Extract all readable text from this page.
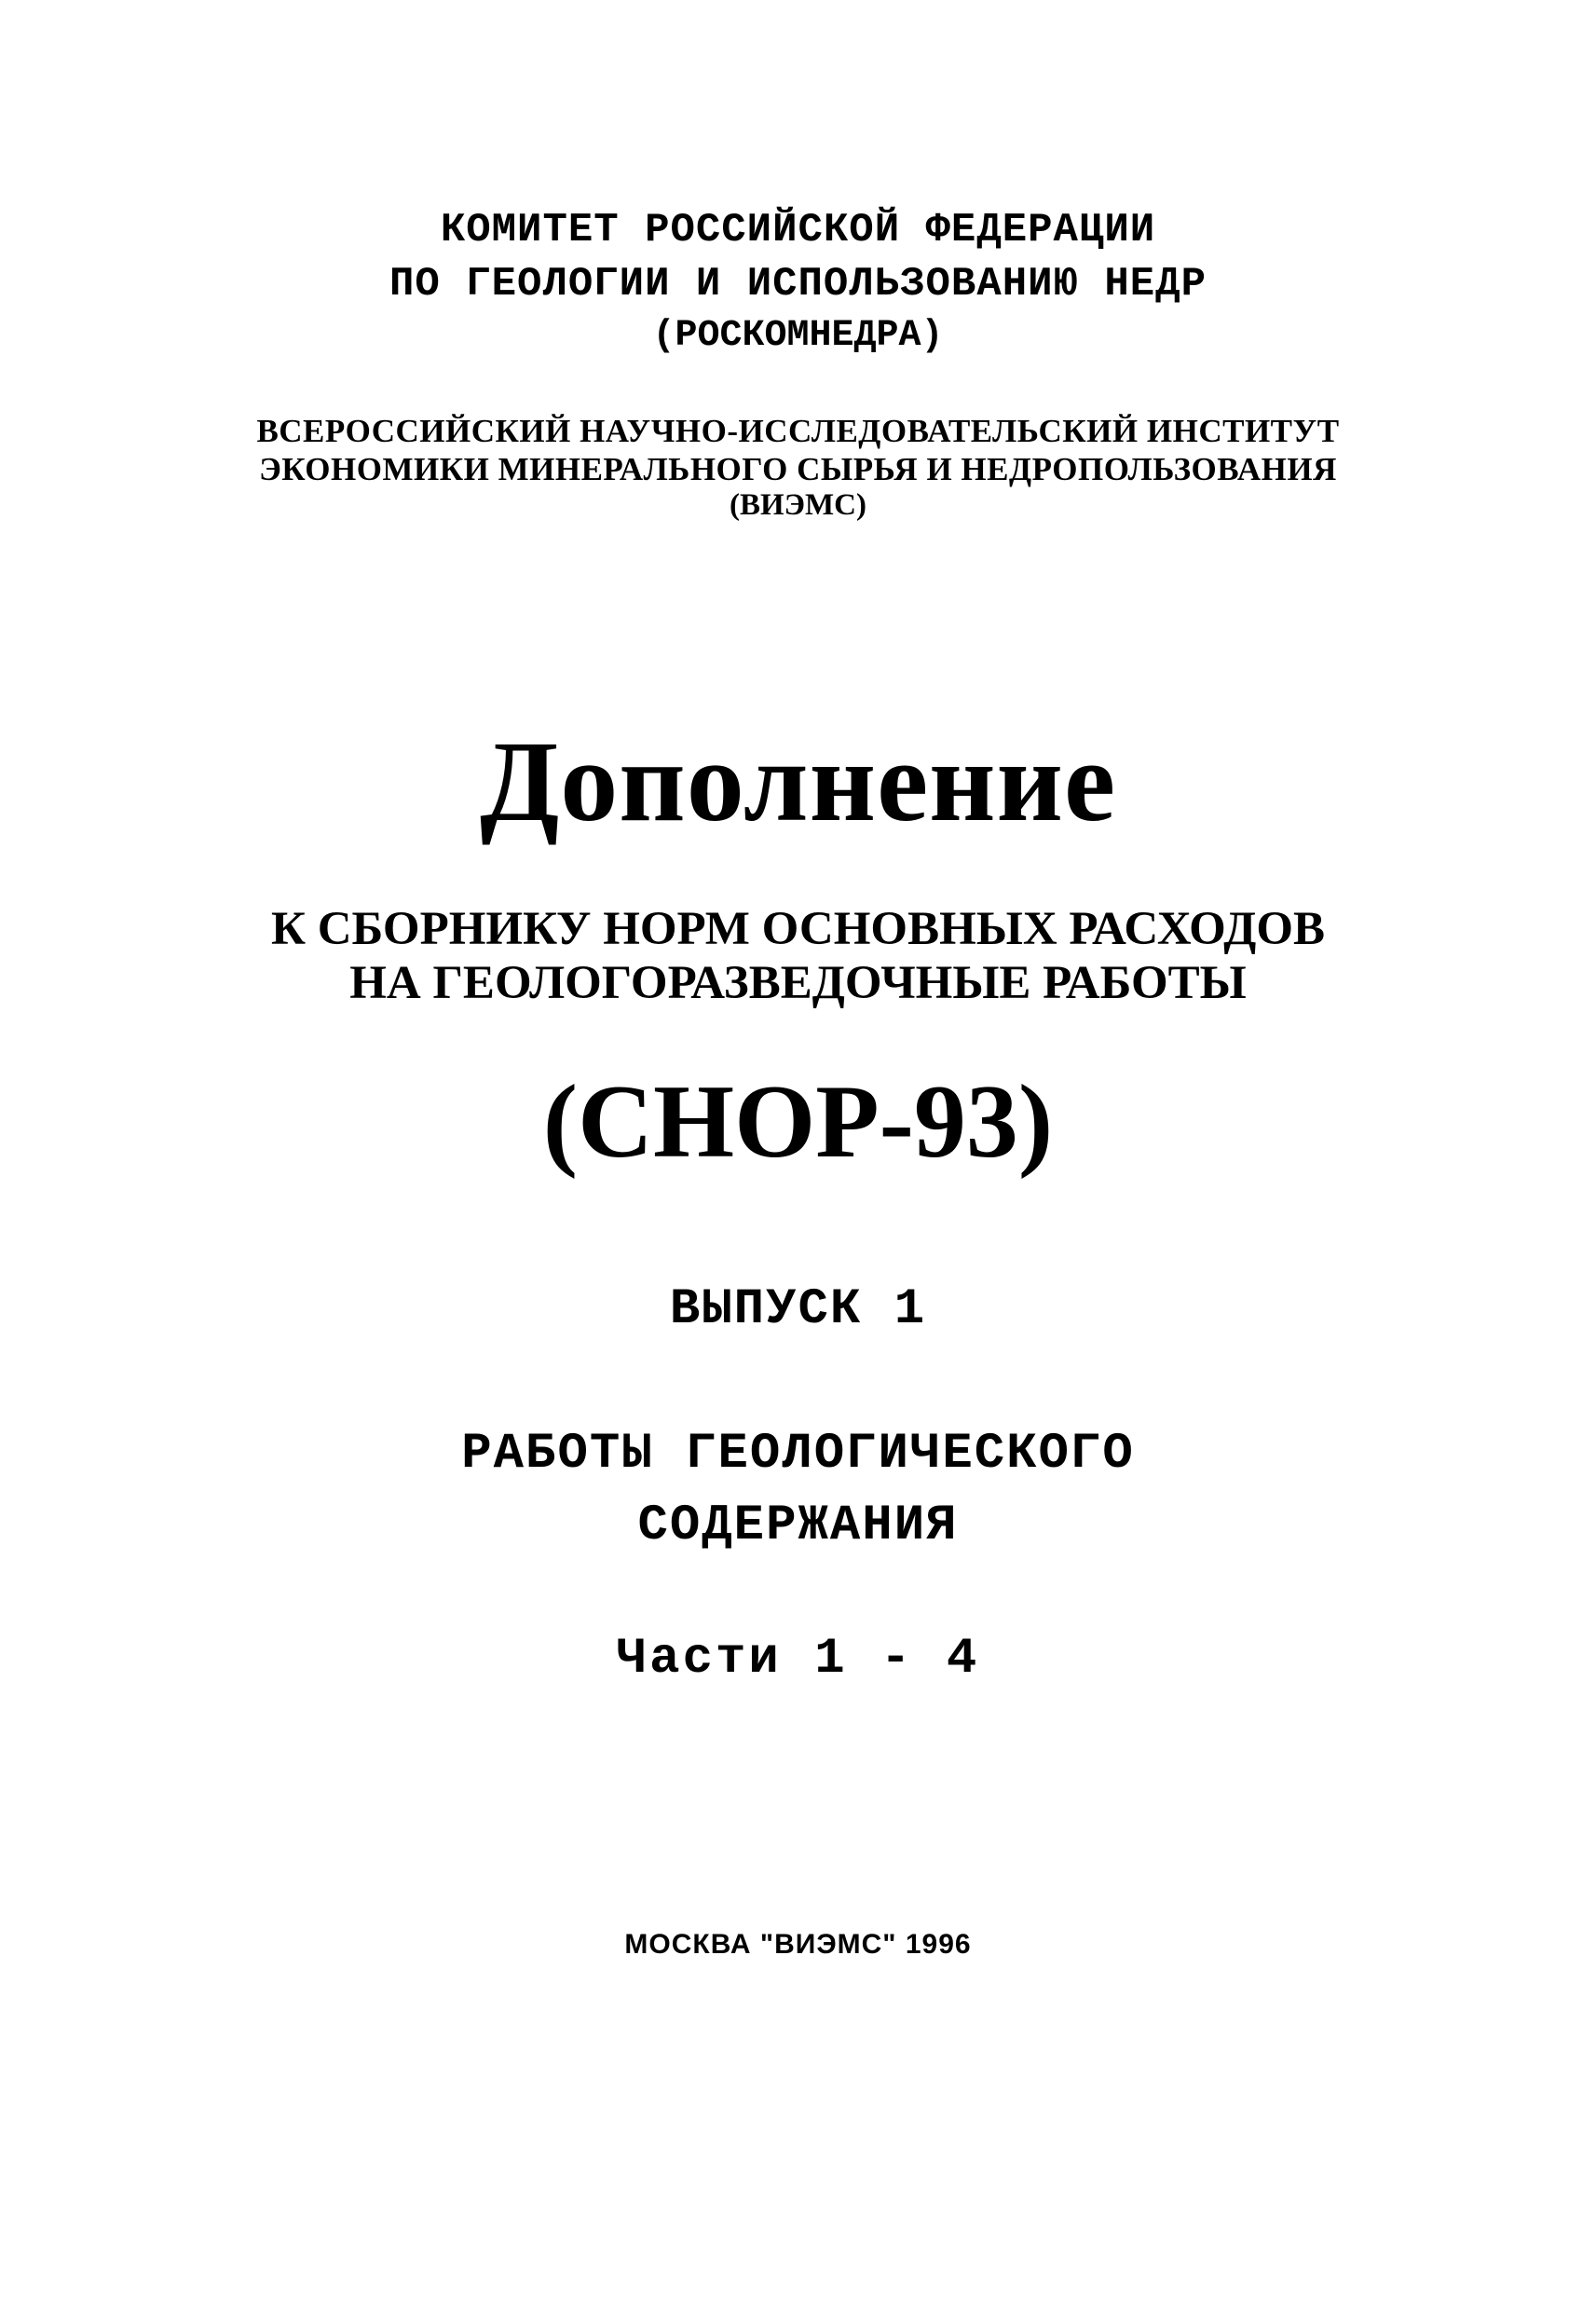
КОМИТЕТ РОССИЙСКОЙ ФЕДЕРАЦИИ

ПО ГЕОЛОГИИ И ИСПОЛЬЗОВАНИЮ НЕДР

(РОСКОМНЕДРА)

ВСЕРОССИЙСКИЙ НАУЧНО-ИССЛЕДОВАТЕЛЬСКИЙ ИНСТИТУТ

ЭКОНОМИКИ МИНЕРАЛЬНОГО СЫРЬЯ И НЕДРОПОЛЬЗОВАНИЯ

(ВИЭМС)

Дополнение

К СБОРНИКУ НОРМ ОСНОВНЫХ РАСХОДОВ

НА ГЕОЛОГОРАЗВЕДОЧНЫЕ РАБОТЫ

(СНОР-93)

ВЫПУСК 1

РАБОТЫ ГЕОЛОГИЧЕСКОГО

СОДЕРЖАНИЯ

Части 1 - 4

МОСКВА "ВИЭМС" 1996
